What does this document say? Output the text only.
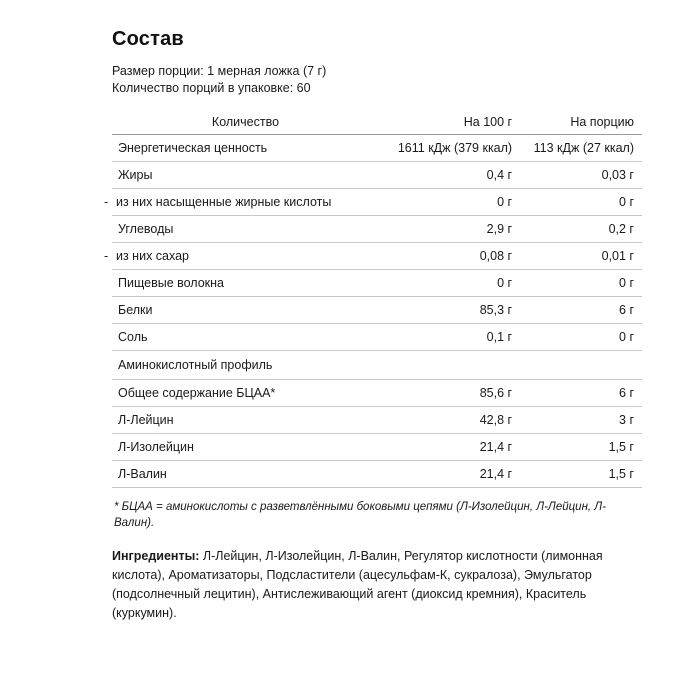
Состав
Размер порции: 1 мерная ложка (7 г)
Количество порций в упаковке: 60
Количество	На 100 г	На порцию
Энергетическая ценность	1611 кДж (379 ккал)	113 кДж (27 ккал)
Жиры	0,4 г	0,03 г
- из них насыщенные жирные кислоты	0 г	0 г
Углеводы	2,9 г	0,2 г
- из них сахар	0,08 г	0,01 г
Пищевые волокна	0 г	0 г
Белки	85,3 г	6 г
Соль	0,1 г	0 г
Аминокислотный профиль		
Общее содержание БЦАА*	85,6 г	6 г
Л-Лейцин	42,8 г	3 г
Л-Изолейцин	21,4 г	1,5 г
Л-Валин	21,4 г	1,5 г
* БЦАА = аминокислоты с разветвлёнными боковыми цепями (Л-Изолейцин, Л-Лейцин, Л-Валин).
Ингредиенты: Л-Лейцин, Л-Изолейцин, Л-Валин, Регулятор кислотности (лимонная кислота), Ароматизаторы, Подсластители (ацесульфам-К, сукралоза), Эмульгатор (подсолнечный лецитин), Антислеживающий агент (диоксид кремния), Краситель (куркумин).
